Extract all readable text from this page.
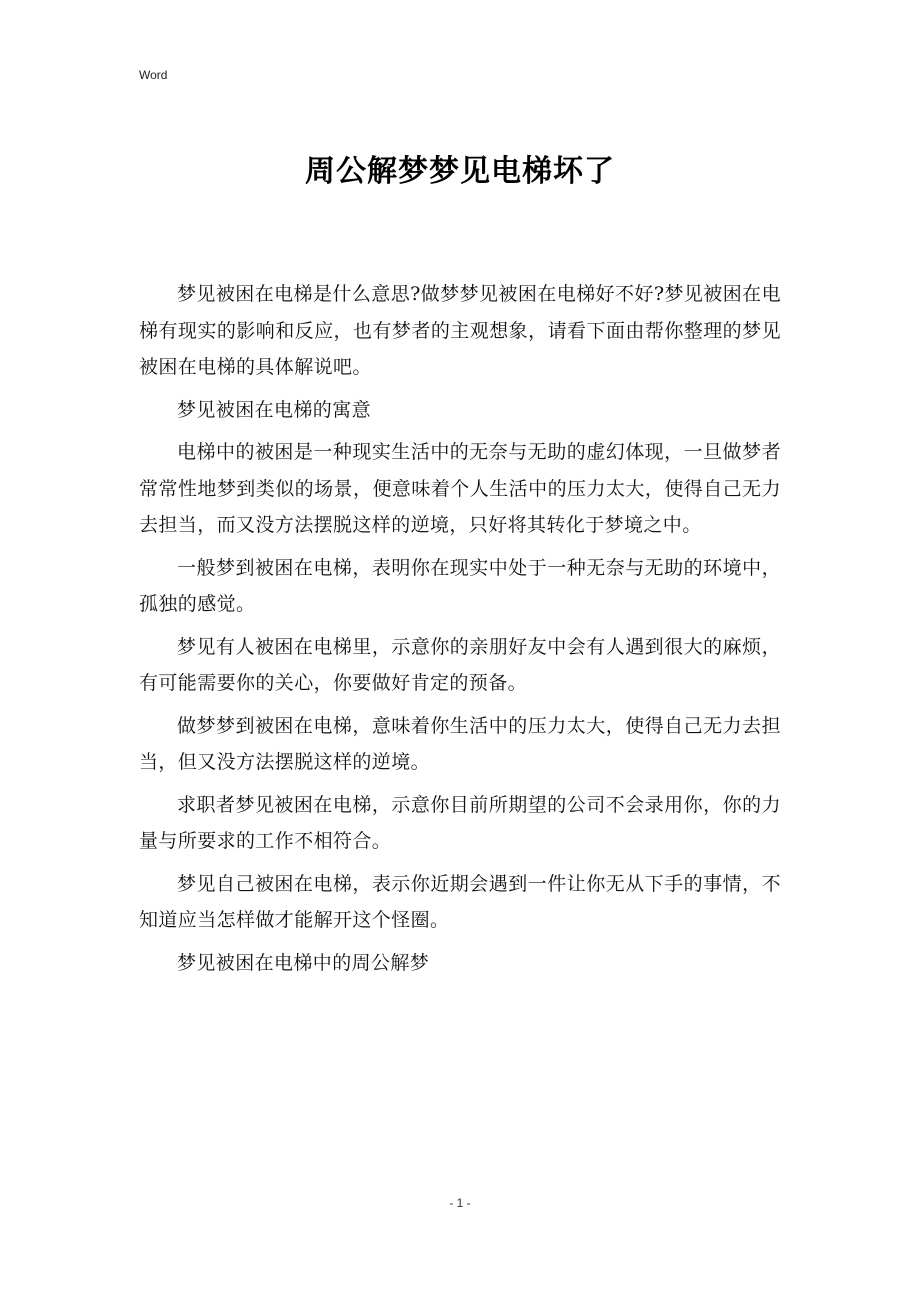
Word
周公解梦梦见电梯坏了

梦见被困在电梯是什么意思?做梦梦见被困在电梯好不好?梦见被困在电梯有现实的影响和反应，也有梦者的主观想象，请看下面由帮你整理的梦见被困在电梯的具体解说吧。

梦见被困在电梯的寓意

电梯中的被困是一种现实生活中的无奈与无助的虚幻体现，一旦做梦者常常性地梦到类似的场景，便意味着个人生活中的压力太大，使得自己无力去担当，而又没方法摆脱这样的逆境，只好将其转化于梦境之中。

一般梦到被困在电梯，表明你在现实中处于一种无奈与无助的环境中，孤独的感觉。

梦见有人被困在电梯里，示意你的亲朋好友中会有人遇到很大的麻烦，有可能需要你的关心，你要做好肯定的预备。

做梦梦到被困在电梯，意味着你生活中的压力太大，使得自己无力去担当，但又没方法摆脱这样的逆境。

求职者梦见被困在电梯，示意你目前所期望的公司不会录用你，你的力量与所要求的工作不相符合。

梦见自己被困在电梯，表示你近期会遇到一件让你无从下手的事情，不知道应当怎样做才能解开这个怪圈。

梦见被困在电梯中的周公解梦

- 1 -
